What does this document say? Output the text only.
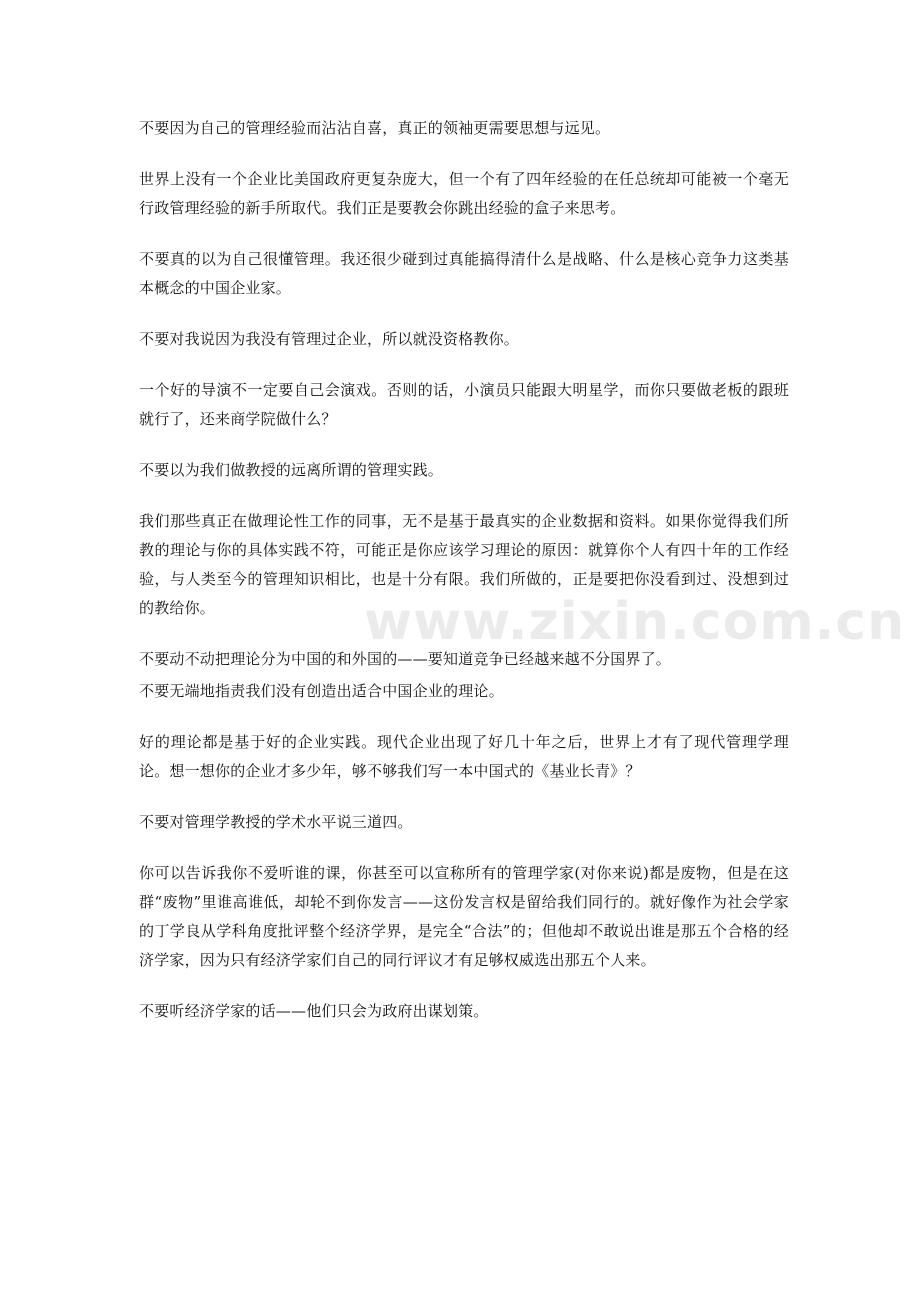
www.zixin.com.cn

不要因为自己的管理经验而沾沾自喜，真正的领袖更需要思想与远见。

世界上没有一个企业比美国政府更复杂庞大，但一个有了四年经验的在任总统却可能被一个毫无行政管理经验的新手所取代。我们正是要教会你跳出经验的盒子来思考。

不要真的以为自己很懂管理。我还很少碰到过真能搞得清什么是战略、什么是核心竞争力这类基本概念的中国企业家。

不要对我说因为我没有管理过企业，所以就没资格教你。

一个好的导演不一定要自己会演戏。否则的话，小演员只能跟大明星学，而你只要做老板的跟班就行了，还来商学院做什么？

不要以为我们做教授的远离所谓的管理实践。

我们那些真正在做理论性工作的同事，无不是基于最真实的企业数据和资料。如果你觉得我们所教的理论与你的具体实践不符，可能正是你应该学习理论的原因：就算你个人有四十年的工作经验，与人类至今的管理知识相比，也是十分有限。我们所做的，正是要把你没看到过、没想到过的教给你。

不要动不动把理论分为中国的和外国的——要知道竞争已经越来越不分国界了。

不要无端地指责我们没有创造出适合中国企业的理论。

好的理论都是基于好的企业实践。现代企业出现了好几十年之后，世界上才有了现代管理学理论。想一想你的企业才多少年，够不够我们写一本中国式的《基业长青》？

不要对管理学教授的学术水平说三道四。

你可以告诉我你不爱听谁的课，你甚至可以宣称所有的管理学家(对你来说)都是废物，但是在这群“废物”里谁高谁低，却轮不到你发言——这份发言权是留给我们同行的。就好像作为社会学家的丁学良从学科角度批评整个经济学界，是完全“合法”的；但他却不敢说出谁是那五个合格的经济学家，因为只有经济学家们自己的同行评议才有足够权威选出那五个人来。

不要听经济学家的话——他们只会为政府出谋划策。
